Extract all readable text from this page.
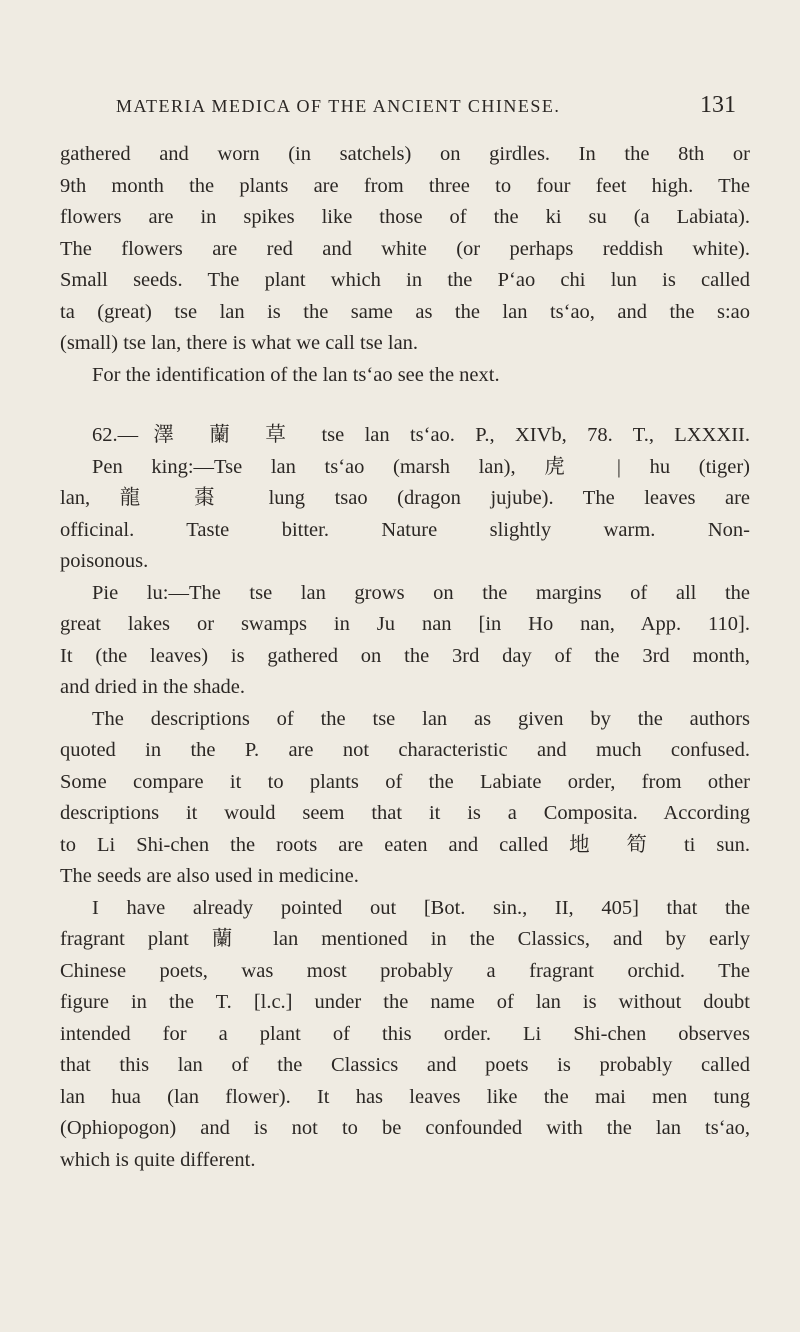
MATERIA MEDICA OF THE ANCIENT CHINESE.	131
gathered and worn (in satchels) on girdles. In the 8th or
9th month the plants are from three to four feet high. The
flowers are in spikes like those of the ki su (a Labiata).
The flowers are red and white (or perhaps reddish white).
Small seeds. The plant which in the P‘ao chi lun is called
ta (great) tse lan is the same as the lan ts‘ao, and the s:ao
(small) tse lan, there is what we call tse lan.
For the identification of the lan ts‘ao see the next.
62.—澤 蘭 草 tse lan ts‘ao. P., XIVb, 78. T., LXXXII.
Pen king:—Tse lan ts‘ao (marsh lan), 虎 | hu (tiger)
lan, 龍 棗 lung tsao (dragon jujube). The leaves are
officinal. Taste bitter. Nature slightly warm. Non-
poisonous.
Pie lu:—The tse lan grows on the margins of all the
great lakes or swamps in Ju nan [in Ho nan, App. 110].
It (the leaves) is gathered on the 3rd day of the 3rd month,
and dried in the shade.
The descriptions of the tse lan as given by the authors
quoted in the P. are not characteristic and much confused.
Some compare it to plants of the Labiate order, from other
descriptions it would seem that it is a Composita. According
to Li Shi-chen the roots are eaten and called 地 筍 ti sun.
The seeds are also used in medicine.
I have already pointed out [Bot. sin., II, 405] that the
fragrant plant 蘭 lan mentioned in the Classics, and by early
Chinese poets, was most probably a fragrant orchid. The
figure in the T. [l.c.] under the name of lan is without doubt
intended for a plant of this order. Li Shi-chen observes
that this lan of the Classics and poets is probably called
lan hua (lan flower). It has leaves like the mai men tung
(Ophiopogon) and is not to be confounded with the lan ts‘ao,
which is quite different.
